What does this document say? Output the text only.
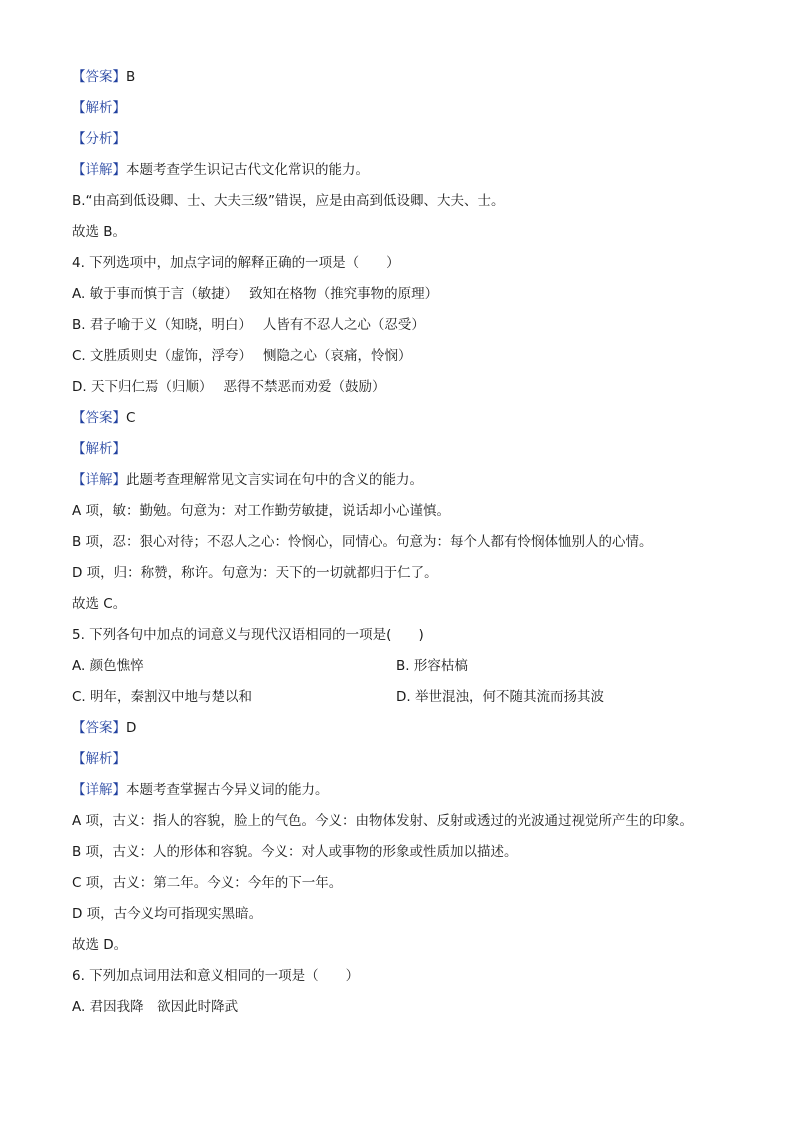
【答案】B
【解析】
【分析】
【详解】本题考查学生识记古代文化常识的能力。
B.“由高到低设卿、士、大夫三级”错误，应是由高到低设卿、大夫、士。
故选 B。
4. 下列选项中，加点字词的解释正确的一项是（　　）
A. 敏于事而慎于言（敏捷）　 致知在格物（推究事物的原理）
B. 君子喻于义（知晓，明白）　 人皆有不忍人之心（忍受）
C. 文胜质则史（虚饰，浮夸）　 恻隐之心（哀痛，怜悯）
D. 天下归仁焉（归顺）　 恶得不禁恶而劝爱（鼓励）
【答案】C
【解析】
【详解】此题考查理解常见文言实词在句中的含义的能力。
A 项，敏：勤勉。句意为：对工作勤劳敏捷，说话却小心谨慎。
B 项，忍：狠心对待；不忍人之心：怜悯心，同情心。句意为：每个人都有怜悯体恤别人的心情。
D 项，归：称赞，称许。句意为：天下的一切就都归于仁了。
故选 C。
5. 下列各句中加点的词意义与现代汉语相同的一项是(　　)
A. 颜色憔悴	B. 形容枯槁
C. 明年，秦割汉中地与楚以和	D. 举世混浊，何不随其流而扬其波
【答案】D
【解析】
【详解】本题考查掌握古今异义词的能力。
A 项，古义：指人的容貌，脸上的气色。今义：由物体发射、反射或透过的光波通过视觉所产生的印象。
B 项，古义：人的形体和容貌。今义：对人或事物的形象或性质加以描述。
C 项，古义：第二年。今义：今年的下一年。
D 项，古今义均可指现实黑暗。
故选 D。
6. 下列加点词用法和意义相同的一项是（　　）
A. 君因我降　欲因此时降武
